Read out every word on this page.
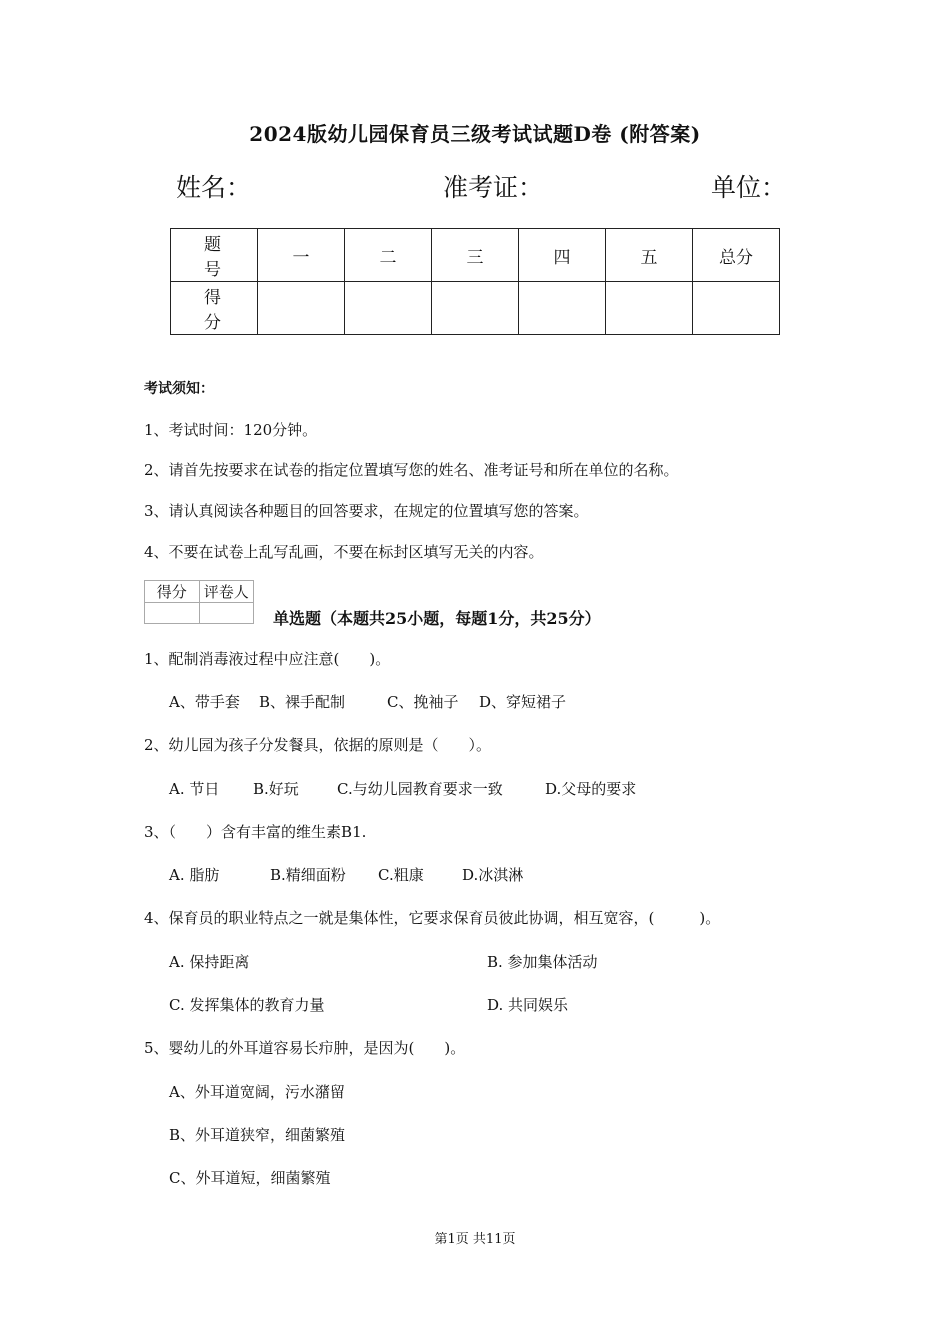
2024版幼儿园保育员三级考试试题D卷 (附答案)
姓名：	准考证：	单位：
题号	一	二	三	四	五	总分
得分						
考试须知：
1、考试时间：120分钟。
2、请首先按要求在试卷的指定位置填写您的姓名、准考证号和所在单位的名称。
3、请认真阅读各种题目的回答要求，在规定的位置填写您的答案。
4、不要在试卷上乱写乱画，不要在标封区填写无关的内容。
得分	评卷人

单选题（本题共25小题，每题1分，共25分）
1、配制消毒液过程中应注意(　　)。
A、带手套 B、裸手配制	C、挽袖子 D、穿短裙子
2、幼儿园为孩子分发餐具，依据的原则是（　　）。
A. 节日 B.好玩	C.与幼儿园教育要求一致	D.父母的要求
3、（　　）含有丰富的维生素B1.
A. 脂肪	B.精细面粉 C.粗康	D.冰淇淋
4、保育员的职业特点之一就是集体性，它要求保育员彼此协调，相互宽容，(　　　)。
A. 保持距离	B. 参加集体活动
C. 发挥集体的教育力量	D. 共同娱乐
5、婴幼儿的外耳道容易长疖肿，是因为(　　)。
A、外耳道宽阔，污水潴留
B、外耳道狭窄，细菌繁殖
C、外耳道短，细菌繁殖
第1页 共11页
